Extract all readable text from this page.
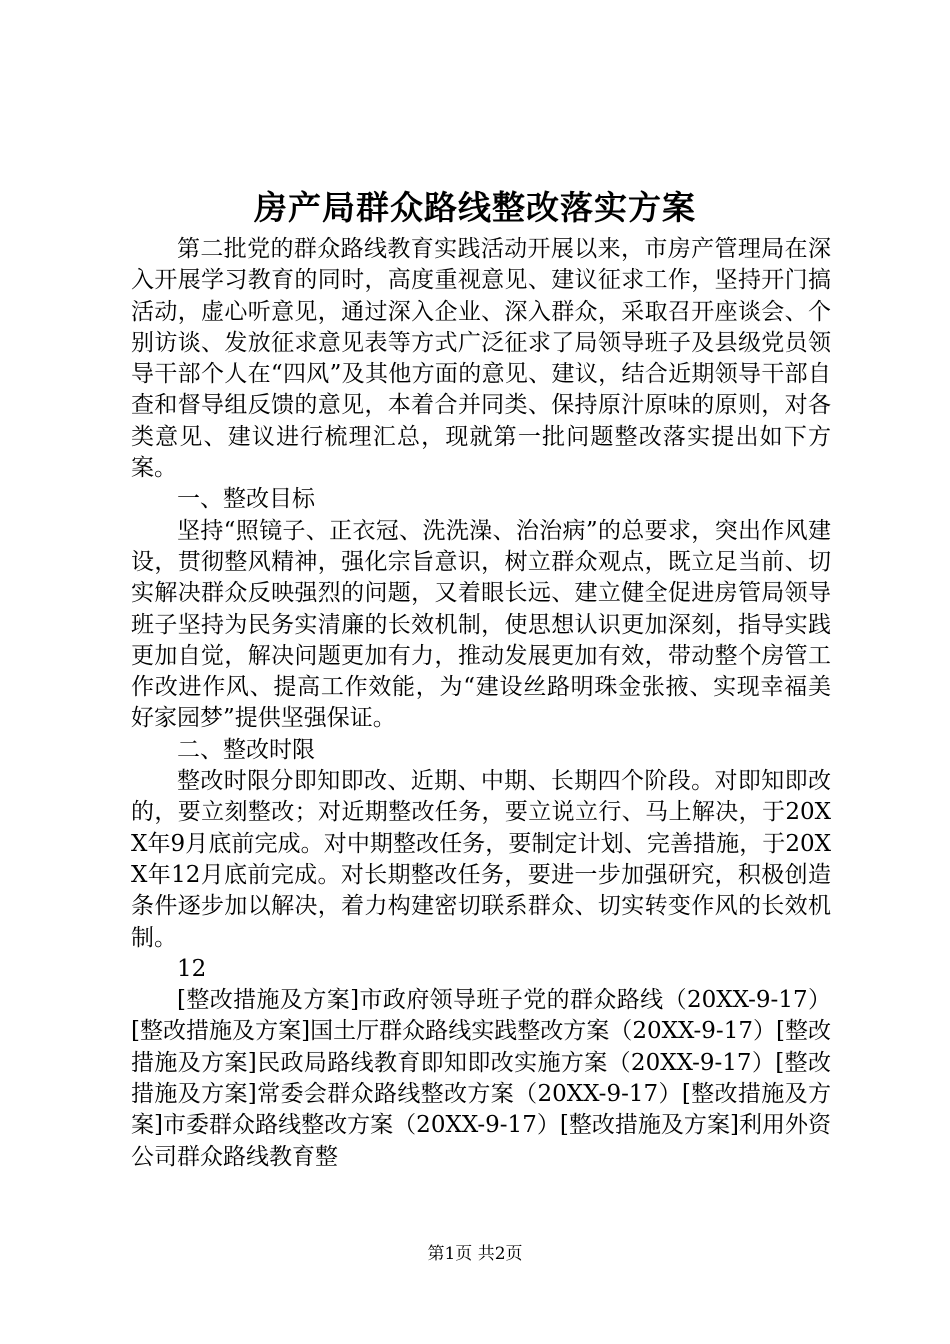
房产局群众路线整改落实方案

第二批党的群众路线教育实践活动开展以来，市房产管理局在深入开展学习教育的同时，高度重视意见、建议征求工作，坚持开门搞活动，虚心听意见，通过深入企业、深入群众，采取召开座谈会、个别访谈、发放征求意见表等方式广泛征求了局领导班子及县级党员领导干部个人在“四风”及其他方面的意见、建议，结合近期领导干部自查和督导组反馈的意见，本着合并同类、保持原汁原味的原则，对各类意见、建议进行梳理汇总，现就第一批问题整改落实提出如下方案。

一、整改目标

坚持“照镜子、正衣冠、洗洗澡、治治病”的总要求，突出作风建设，贯彻整风精神，强化宗旨意识，树立群众观点，既立足当前、切实解决群众反映强烈的问题，又着眼长远、建立健全促进房管局领导班子坚持为民务实清廉的长效机制，使思想认识更加深刻，指导实践更加自觉，解决问题更加有力，推动发展更加有效，带动整个房管工作改进作风、提高工作效能，为“建设丝路明珠金张掖、实现幸福美好家园梦”提供坚强保证。

二、整改时限

整改时限分即知即改、近期、中期、长期四个阶段。对即知即改的，要立刻整改；对近期整改任务，要立说立行、马上解决，于20XX年9月底前完成。对中期整改任务，要制定计划、完善措施，于20XX年12月底前完成。对长期整改任务，要进一步加强研究，积极创造条件逐步加以解决，着力构建密切联系群众、切实转变作风的长效机制。

12

[整改措施及方案]市政府领导班子党的群众路线（20XX-9-17）[整改措施及方案]国土厅群众路线实践整改方案（20XX-9-17）[整改措施及方案]民政局路线教育即知即改实施方案（20XX-9-17）[整改措施及方案]常委会群众路线整改方案（20XX-9-17）[整改措施及方案]市委群众路线整改方案（20XX-9-17）[整改措施及方案]利用外资公司群众路线教育整

第1页 共2页
